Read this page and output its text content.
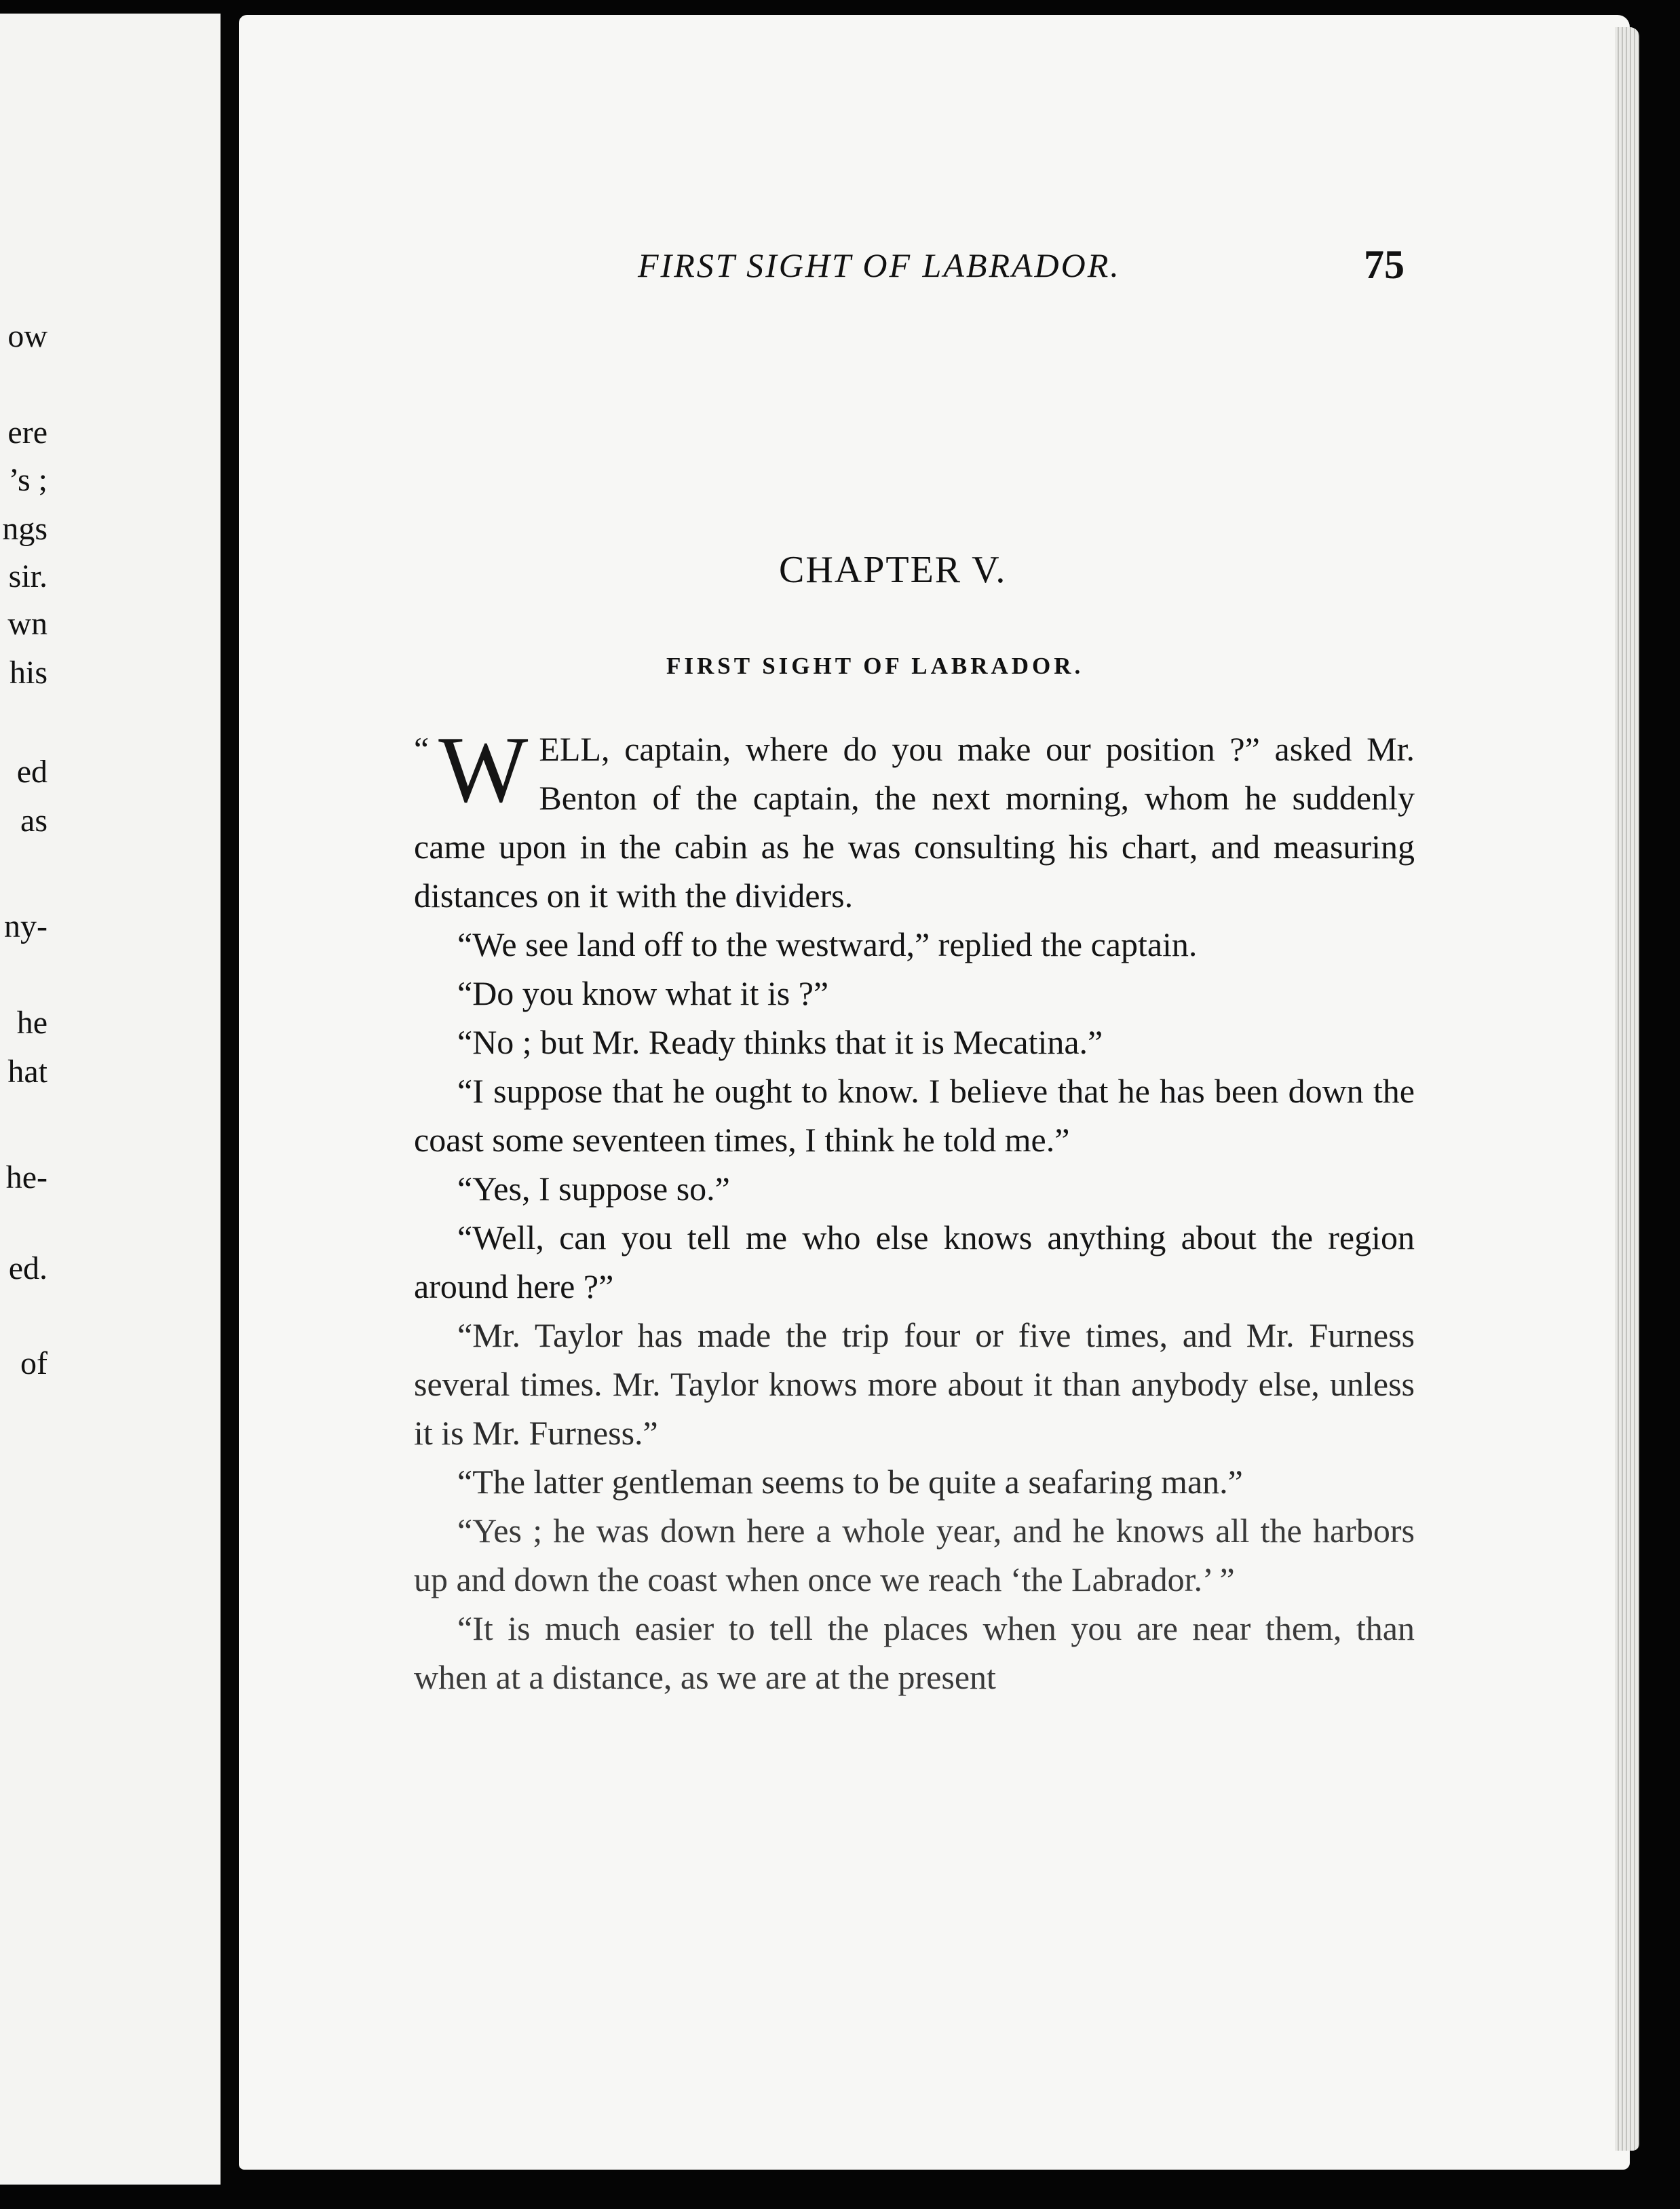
ow
ere
’s ;
ngs
sir.
wn
his
ed
as
ny-
he
hat
he-
ed.
of
FIRST SIGHT OF LABRADOR.	75
CHAPTER V.
FIRST SIGHT OF LABRADOR.

“ W ELL, captain, where do you make our position ?” asked Mr. Benton of the captain, the next morning, whom he suddenly came upon in the cabin as he was consulting his chart, and measuring distances on it with the dividers.

“We see land off to the westward,” replied the captain.

“Do you know what it is ?”

“No ; but Mr. Ready thinks that it is Mecatina.”

“I suppose that he ought to know. I believe that he has been down the coast some seventeen times, I think he told me.”

“Yes, I suppose so.”

“Well, can you tell me who else knows anything about the region around here ?”

“Mr. Taylor has made the trip four or five times, and Mr. Furness several times. Mr. Taylor knows more about it than anybody else, unless it is Mr. Furness.”

“The latter gentleman seems to be quite a seafaring man.”

“Yes ; he was down here a whole year, and he knows all the harbors up and down the coast when once we reach ‘the Labrador.’ ”

“It is much easier to tell the places when you are near them, than when at a distance, as we are at the present
